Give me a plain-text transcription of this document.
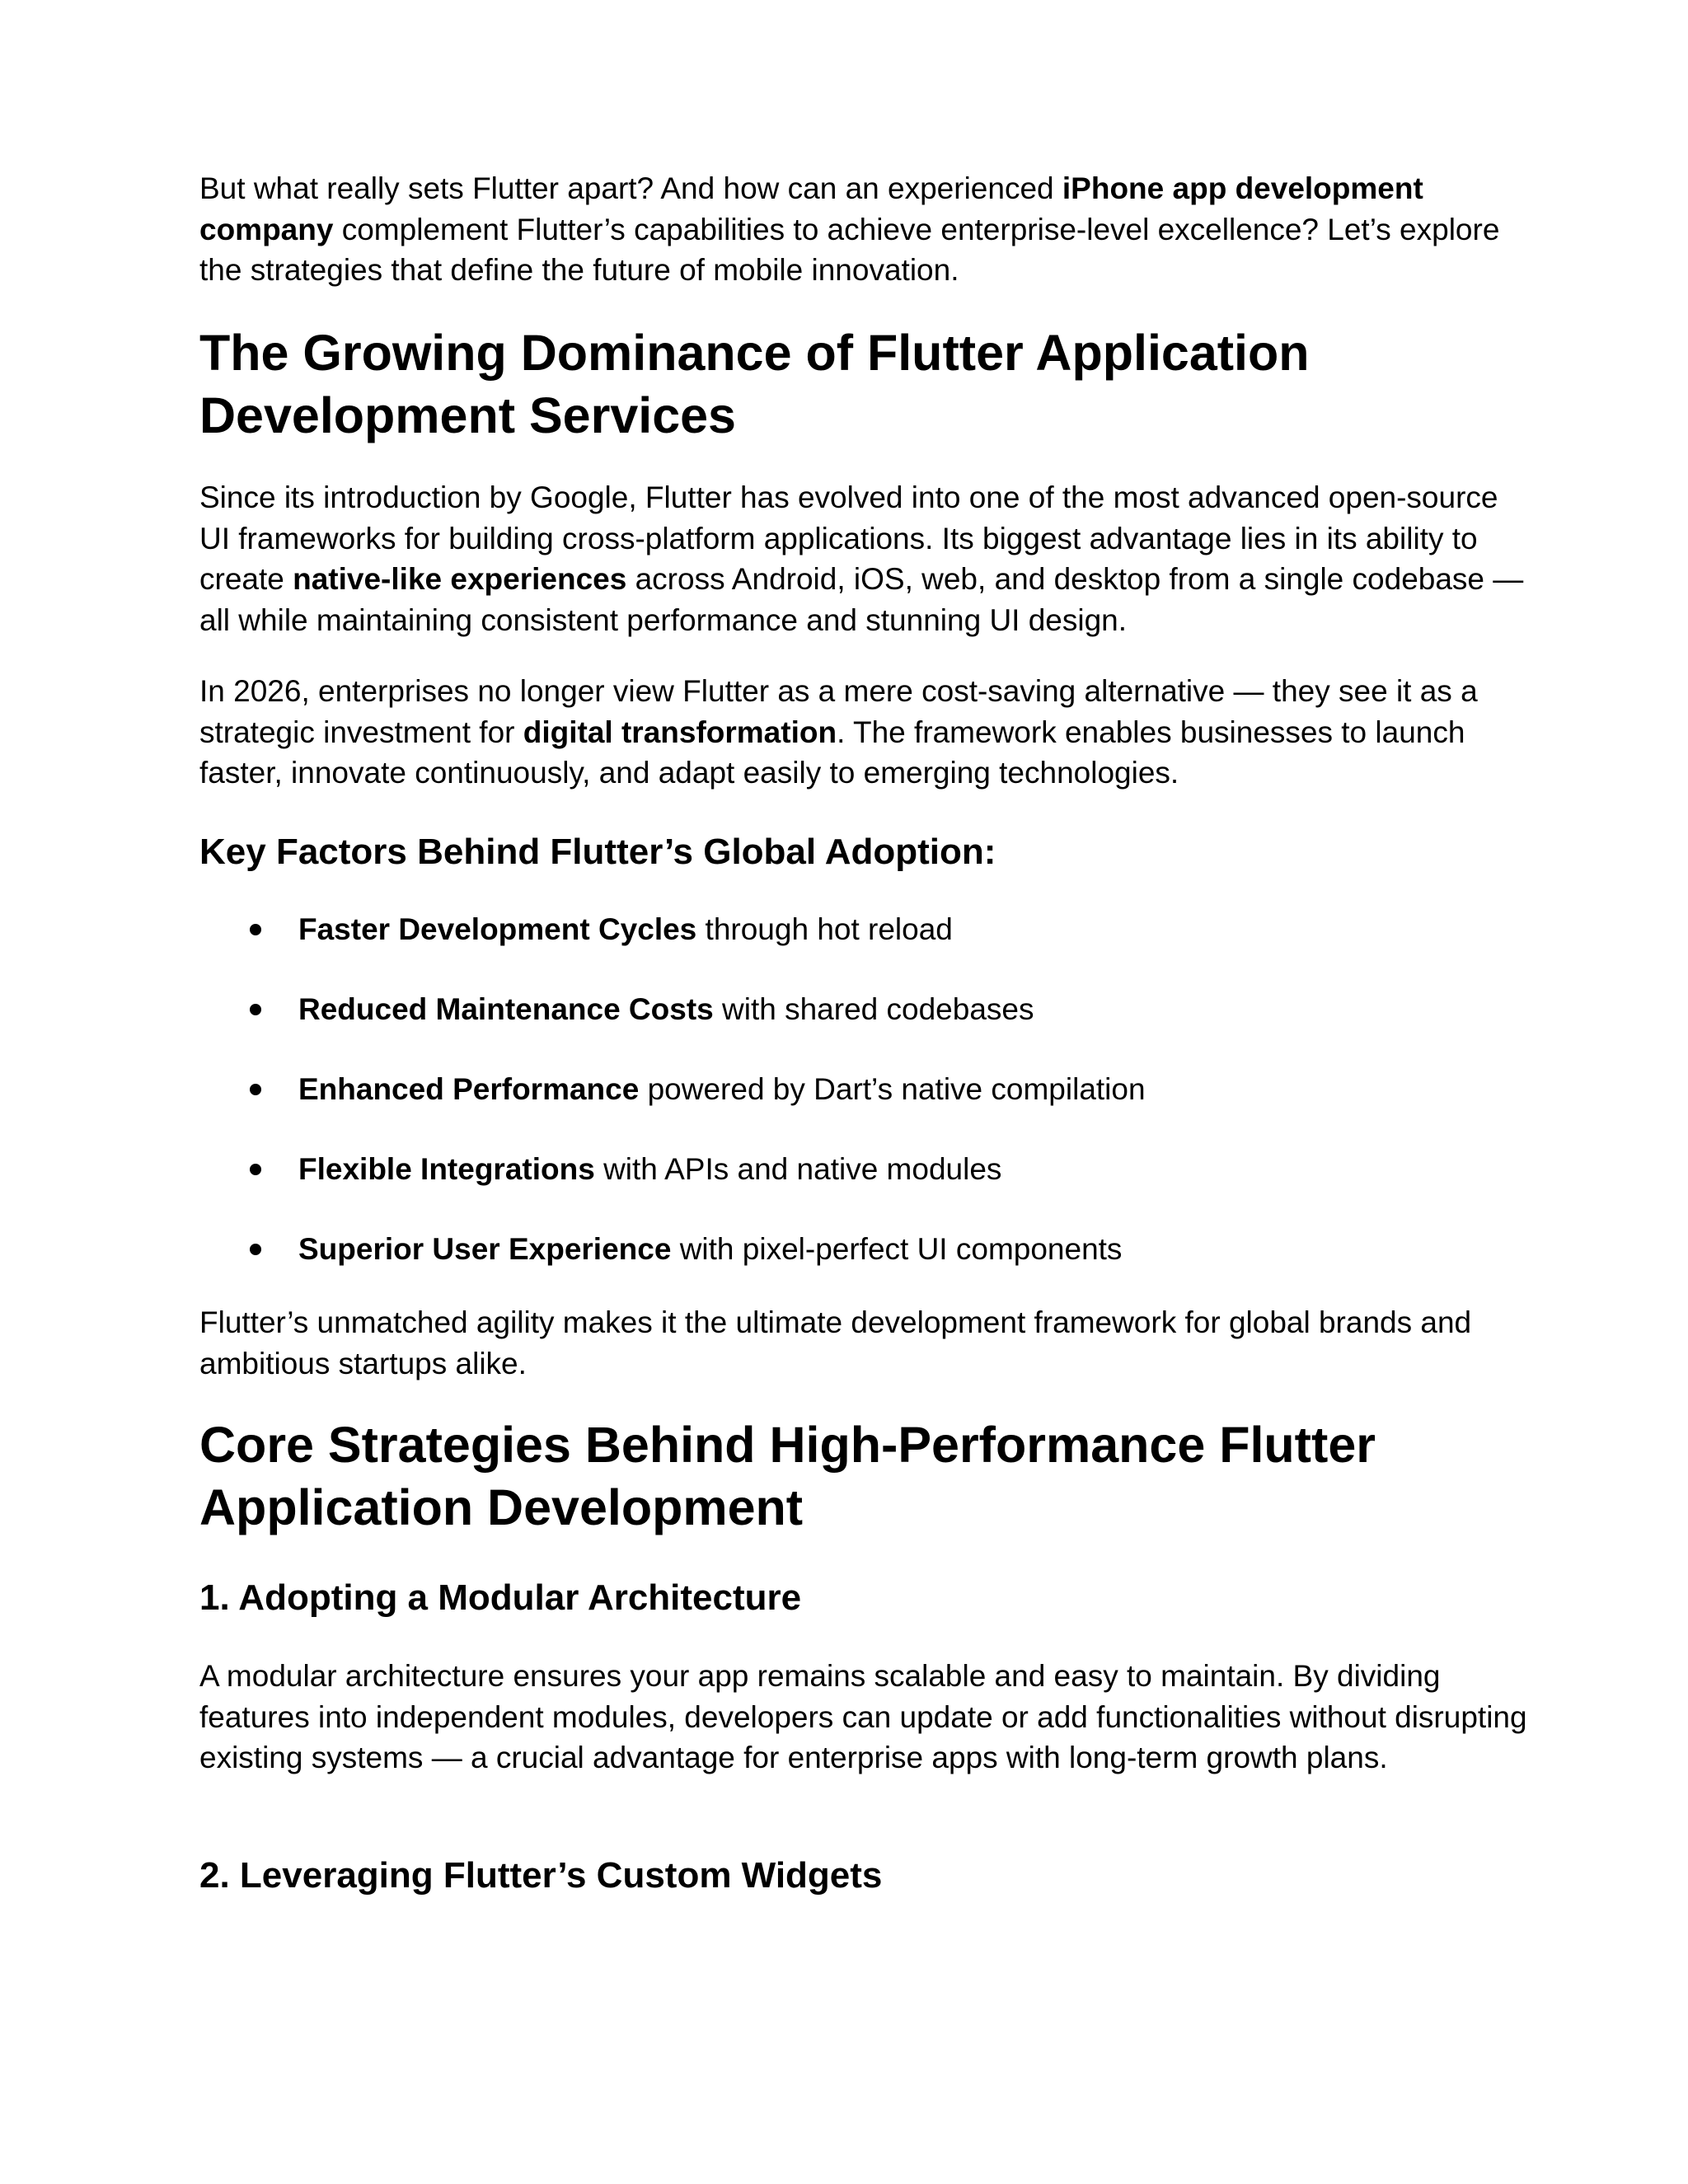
But what really sets Flutter apart? And how can an experienced iPhone app development company complement Flutter’s capabilities to achieve enterprise-level excellence? Let’s explore the strategies that define the future of mobile innovation.

The Growing Dominance of Flutter Application
Development Services

Since its introduction by Google, Flutter has evolved into one of the most advanced open-source UI frameworks for building cross-platform applications. Its biggest advantage lies in its ability to create native-like experiences across Android, iOS, web, and desktop from a single codebase — all while maintaining consistent performance and stunning UI design.

In 2026, enterprises no longer view Flutter as a mere cost-saving alternative — they see it as a strategic investment for digital transformation. The framework enables businesses to launch faster, innovate continuously, and adapt easily to emerging technologies.

Key Factors Behind Flutter’s Global Adoption:
Faster Development Cycles through hot reload
Reduced Maintenance Costs with shared codebases
Enhanced Performance powered by Dart’s native compilation
Flexible Integrations with APIs and native modules
Superior User Experience with pixel-perfect UI components

Flutter’s unmatched agility makes it the ultimate development framework for global brands and ambitious startups alike.

Core Strategies Behind High-Performance Flutter
Application Development
1. Adopting a Modular Architecture

A modular architecture ensures your app remains scalable and easy to maintain. By dividing features into independent modules, developers can update or add functionalities without disrupting existing systems — a crucial advantage for enterprise apps with long-term growth plans.

2. Leveraging Flutter’s Custom Widgets
